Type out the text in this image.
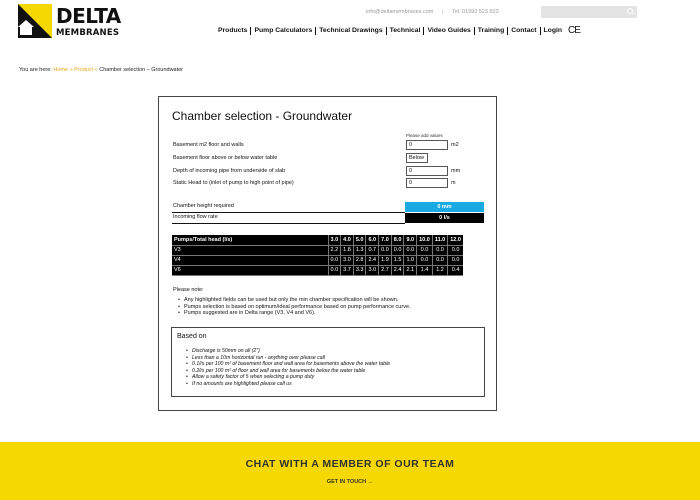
DELTA
MEMBRANES
info@deltamembranes.com | Tel. 01992 523 523
Products Pump Calculators Technical Drawings Technical Video Guides Training Contact Login CE
You are here: Home » Product » Chamber selection – Groundwater
Chamber selection - Groundwater
Please add values
Basement m2 floor and walls
0	m2
Basement floor above or below water table	Below
Depth of incoming pipe from underside of slab
0	mm
Static Head to (inlet of pump to high point of pipe)
0	m
Chamber height required	0 mm
Incoming flow rate	0 l/s
Pumps/Total head (l/s)	3.0	4.0	5.0	6.0	7.0	8.0	9.0	10.0	11.0	12.0
V3	2.2	1.8	1.3	0.7	0.0	0.0	0.0	0.0	0.0	0.0
V4	0.0	3.0	2.8	2.4	1.9	1.5	1.0	0.0	0.0	0.0
V6	0.0	3.7	3.3	3.0	2.7	2.4	2.1	1.4	1.2	0.4
Please note:
• Any highlighted fields can be used but only the min chamber specification will be shown.
• Pumps selection is based on optimum/ideal performance based on pump performance curve.
• Pumps suggested are in Delta range (V3, V4 and V6).
Based on
• Discharge is 50mm on all (2")
• Less than a 10m horizontal run - anything over please call
• 0.1l/s per 100 m² of basement floor and wall area for basements above the water table
• 0.2l/s per 100 m² of floor and wall area for basements below the water table
• Allow a safety factor of 5 when selecting a pump duty
• If no amounts are highlighted please call us
CHAT WITH A MEMBER OF OUR TEAM
GET IN TOUCH →
